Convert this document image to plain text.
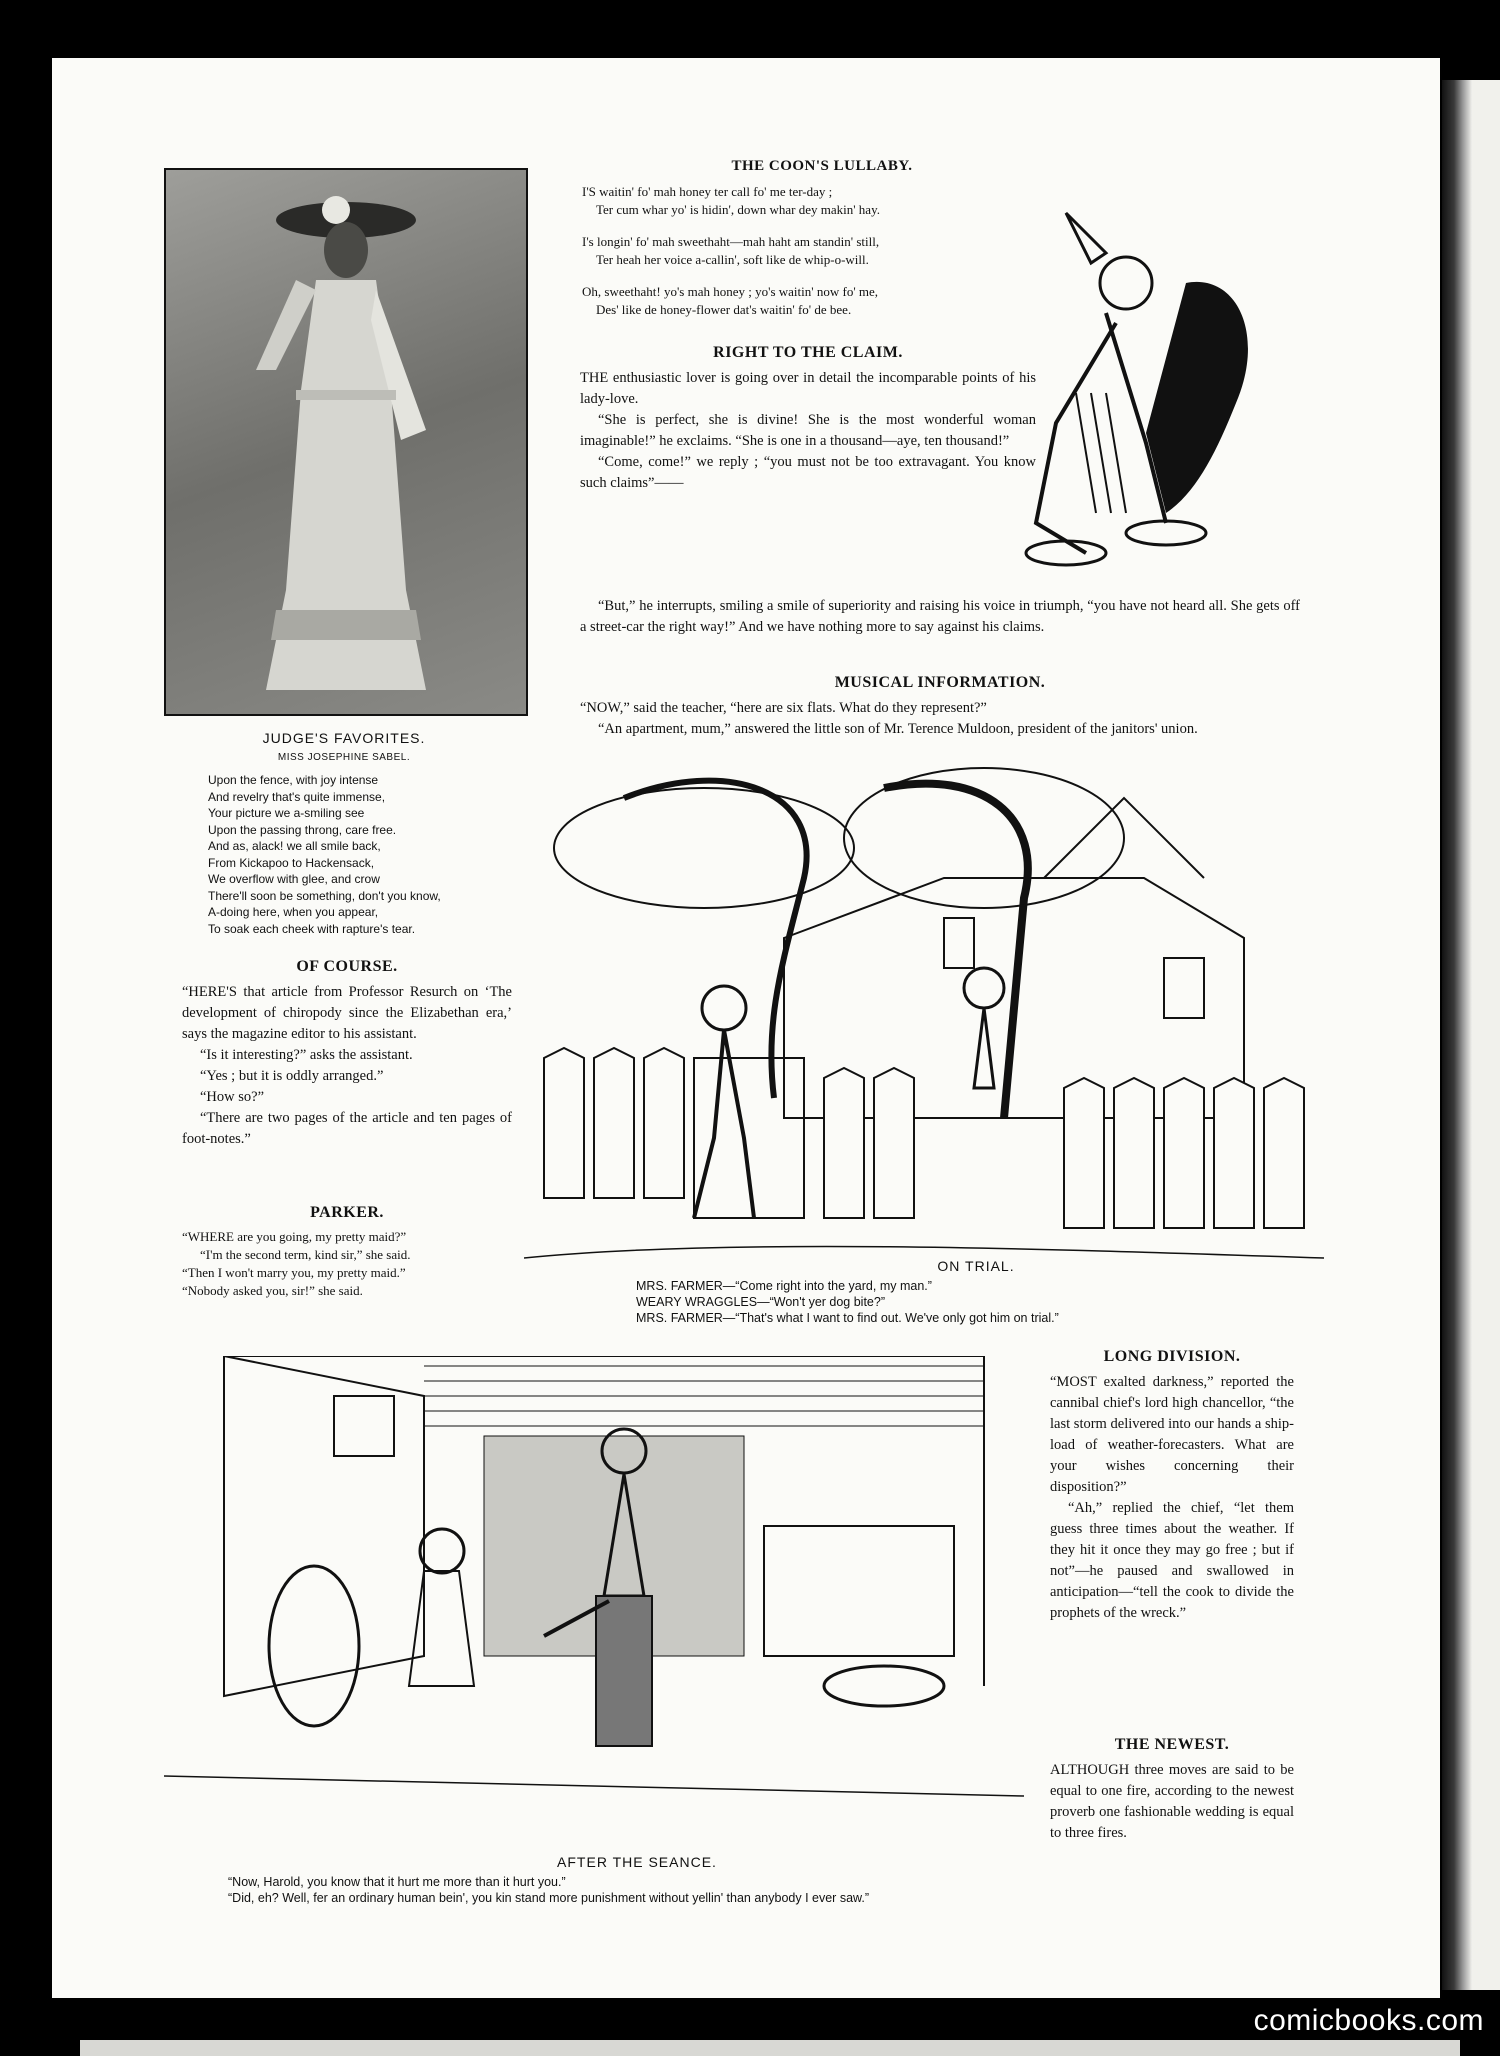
THE COON'S LULLABY.

I'S waitin' fo' mah honey ter call fo' me ter-day ;
Ter cum whar yo' is hidin', down whar dey makin' hay.

I's longin' fo' mah sweethaht—mah haht am standin' still,
Ter heah her voice a-callin', soft like de whip-o-will.

Oh, sweethaht! yo's mah honey ; yo's waitin' now fo' me,
Des' like de honey-flower dat's waitin' fo' de bee.

RIGHT TO THE CLAIM.

THE enthusiastic lover is going over in detail the incomparable points of his lady-love.

“She is perfect, she is divine! She is the most wonderful woman imaginable!” he exclaims. “She is one in a thousand—aye, ten thousand!”

“Come, come!” we reply ; “you must not be too extravagant. You know such claims”——

“But,” he interrupts, smiling a smile of superiority and raising his voice in triumph, “you have not heard all. She gets off a street-car the right way!” And we have nothing more to say against his claims.

MUSICAL INFORMATION.

“NOW,” said the teacher, “here are six flats. What do they represent?”

“An apartment, mum,” answered the little son of Mr. Terence Muldoon, president of the janitors' union.

JUDGE'S FAVORITES.
MISS JOSEPHINE SABEL.
Upon the fence, with joy intense
And revelry that's quite immense,
Your picture we a-smiling see
Upon the passing throng, care free.
And as, alack! we all smile back,
From Kickapoo to Hackensack,
We overflow with glee, and crow
There'll soon be something, don't you know,
A-doing here, when you appear,
To soak each cheek with rapture's tear.
OF COURSE.

“HERE'S that article from Professor Resurch on ‘The development of chiropody since the Elizabethan era,’ says the magazine editor to his assistant.

“Is it interesting?” asks the assistant.

“Yes ; but it is oddly arranged.”

“How so?”

“There are two pages of the article and ten pages of foot-notes.”

PARKER.

“WHERE are you going, my pretty maid?”

“I'm the second term, kind sir,” she said.

“Then I won't marry you, my pretty maid.”

“Nobody asked you, sir!” she said.

ON TRIAL.
MRS. FARMER—“Come right into the yard, my man.”
WEARY WRAGGLES—“Won't yer dog bite?”
MRS. FARMER—“That's what I want to find out. We've only got him on trial.”
AFTER THE SEANCE.
“Now, Harold, you know that it hurt me more than it hurt you.”
“Did, eh? Well, fer an ordinary human bein', you kin stand more punishment without yellin' than anybody I ever saw.”
LONG DIVISION.

“MOST exalted darkness,” reported the cannibal chief's lord high chancellor, “the last storm delivered into our hands a ship-load of weather-forecasters. What are your wishes concerning their disposition?”

“Ah,” replied the chief, “let them guess three times about the weather. If they hit it once they may go free ; but if not”—he paused and swallowed in anticipation—“tell the cook to divide the prophets of the wreck.”

THE NEWEST.

ALTHOUGH three moves are said to be equal to one fire, according to the newest proverb one fashionable wedding is equal to three fires.

comicbooks.com
